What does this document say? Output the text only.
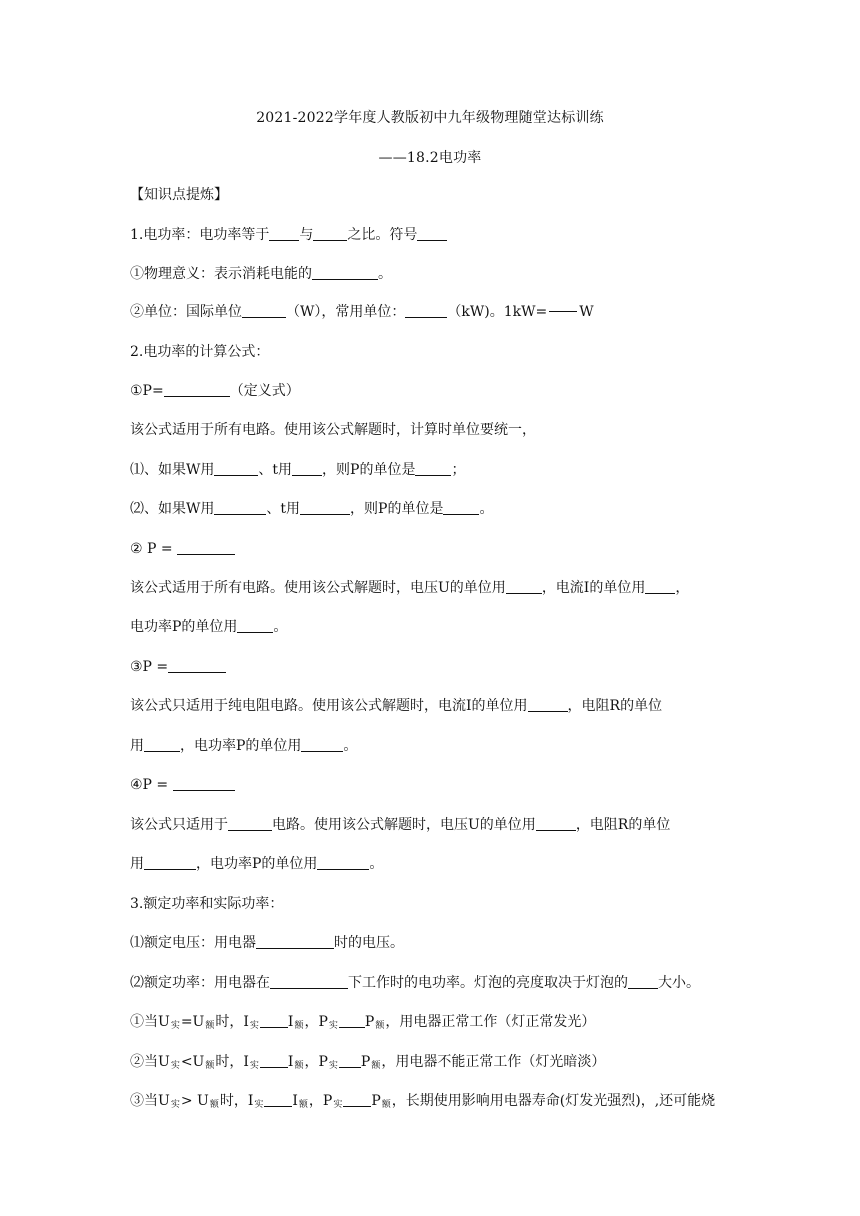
2021-2022学年度人教版初中九年级物理随堂达标训练
——18.2电功率
【知识点提炼】
1.电功率：电功率等于 与 之比。符号
①物理意义：表示消耗电能的	。
②单位：国际单位	（W），常用单位：	（kW)。1kW= W
2.电功率的计算公式：
①P=	（定义式）
该公式适用于所有电路。使用该公式解题时，计算时单位要统一，
⑴、如果W用	、t用 ，则P的单位是	；
⑵、如果W用	、t用	，则P的单位是	。
② P =
该公式适用于所有电路。使用该公式解题时，电压U的单位用	，电流I的单位用 ，
电功率P的单位用	。
③P =
该公式只适用于纯电阻电路。使用该公式解题时，电流I的单位用	，电阻R的单位
用	，电功率P的单位用	。
④P =
该公式只适用于	电路。使用该公式解题时，电压U的单位用	，电阻R的单位
用	，电功率P的单位用	。
3.额定功率和实际功率：
⑴额定电压：用电器	时的电压。
⑵额定功率：用电器在	下工作时的电功率。灯泡的亮度取决于灯泡的 大小。
①当$U_实=U_额$时，$I_实$ $I_额$，$P_实$ $P_额$，用电器正常工作（灯正常发光）
②当$U_实<U_额$时，$I_实$ $I_额$，$P_实$ $P_额$，用电器不能正常工作（灯光暗淡）
③当$U_实> U_额$时，$I_实$ $I_额$，$P_实$ $P_额$，长期使用影响用电器寿命(灯发光强烈)，,还可能烧
